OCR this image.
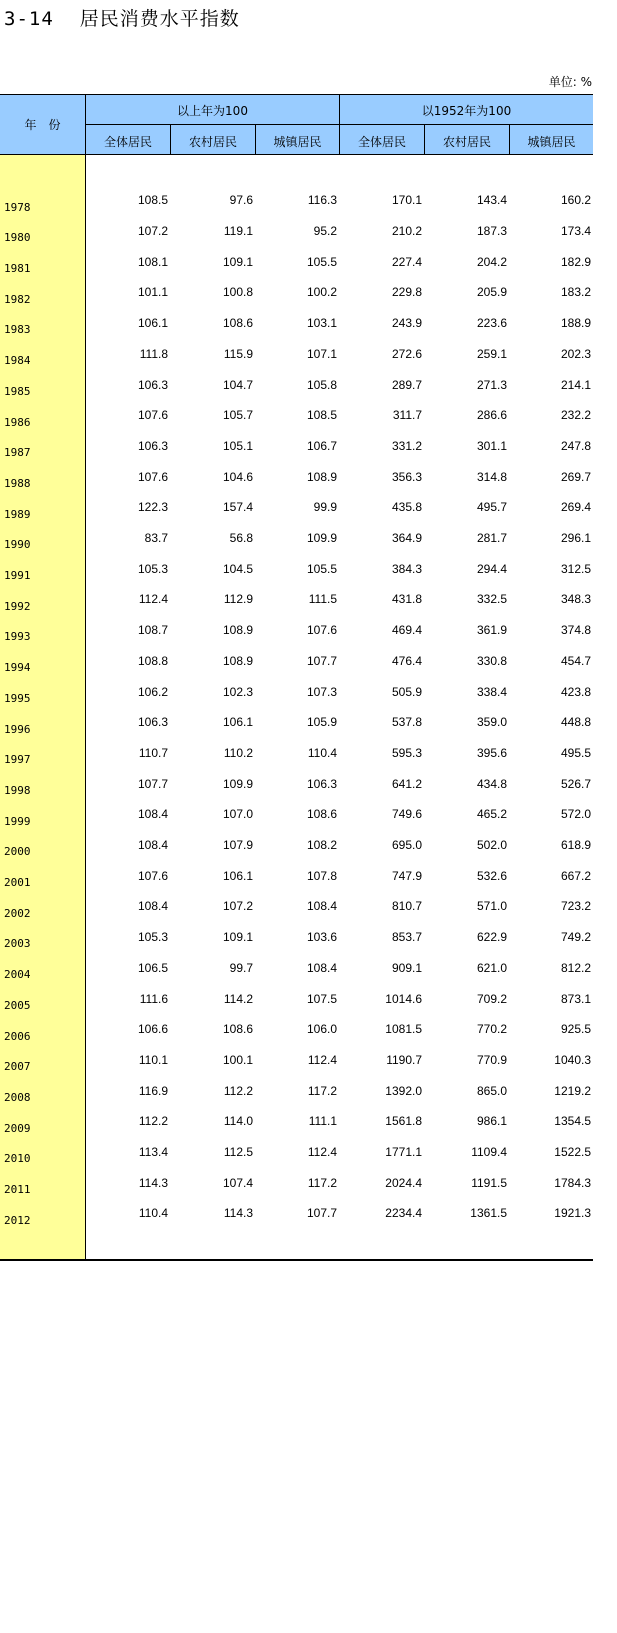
3-14 居民消费水平指数
单位: %
年份
以上年为100	以1952年为100
全体居民	农村居民	城镇居民	全体居民	农村居民	城镇居民
1978	108.5	97.6	116.3	170.1	143.4	160.2
1980	107.2	119.1	95.2	210.2	187.3	173.4
1981	108.1	109.1	105.5	227.4	204.2	182.9
1982	101.1	100.8	100.2	229.8	205.9	183.2
1983	106.1	108.6	103.1	243.9	223.6	188.9
1984	111.8	115.9	107.1	272.6	259.1	202.3
1985	106.3	104.7	105.8	289.7	271.3	214.1
1986	107.6	105.7	108.5	311.7	286.6	232.2
1987	106.3	105.1	106.7	331.2	301.1	247.8
1988	107.6	104.6	108.9	356.3	314.8	269.7
1989	122.3	157.4	99.9	435.8	495.7	269.4
1990	83.7	56.8	109.9	364.9	281.7	296.1
1991	105.3	104.5	105.5	384.3	294.4	312.5
1992	112.4	112.9	111.5	431.8	332.5	348.3
1993	108.7	108.9	107.6	469.4	361.9	374.8
1994	108.8	108.9	107.7	476.4	330.8	454.7
1995	106.2	102.3	107.3	505.9	338.4	423.8
1996	106.3	106.1	105.9	537.8	359.0	448.8
1997	110.7	110.2	110.4	595.3	395.6	495.5
1998	107.7	109.9	106.3	641.2	434.8	526.7
1999	108.4	107.0	108.6	749.6	465.2	572.0
2000	108.4	107.9	108.2	695.0	502.0	618.9
2001	107.6	106.1	107.8	747.9	532.6	667.2
2002	108.4	107.2	108.4	810.7	571.0	723.2
2003	105.3	109.1	103.6	853.7	622.9	749.2
2004	106.5	99.7	108.4	909.1	621.0	812.2
2005	111.6	114.2	107.5	1014.6	709.2	873.1
2006	106.6	108.6	106.0	1081.5	770.2	925.5
2007	110.1	100.1	112.4	1190.7	770.9	1040.3
2008	116.9	112.2	117.2	1392.0	865.0	1219.2
2009	112.2	114.0	111.1	1561.8	986.1	1354.5
2010	113.4	112.5	112.4	1771.1	1109.4	1522.5
2011	114.3	107.4	117.2	2024.4	1191.5	1784.3
2012	110.4	114.3	107.7	2234.4	1361.5	1921.3
